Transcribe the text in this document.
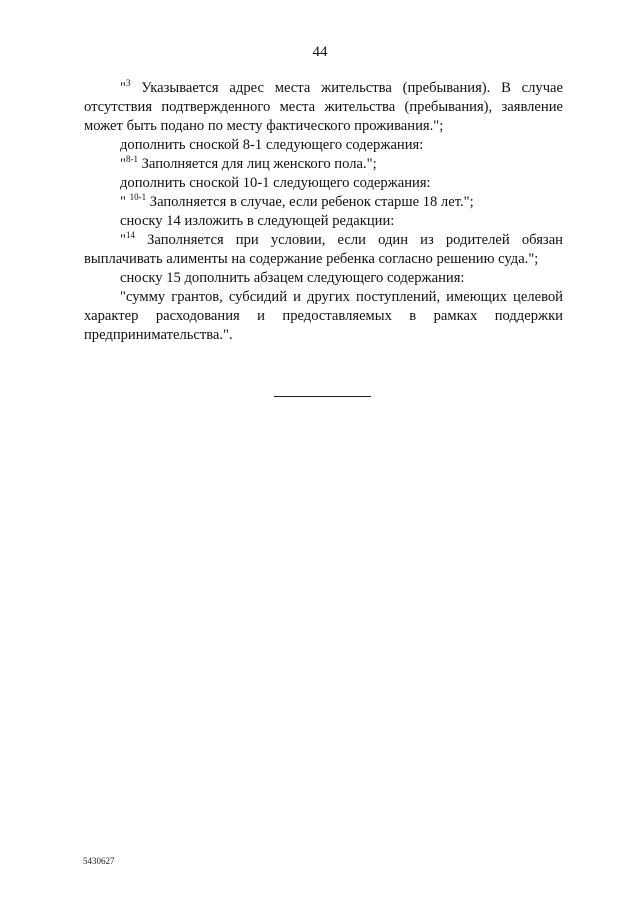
44

"$^3$ Указывается адрес места жительства (пребывания). В случае отсутствия подтвержденного места жительства (пребывания), заявление может быть подано по месту фактического проживания.";

дополнить сноской 8-1 следующего содержания:

"$^{8-1}$ Заполняется для лиц женского пола.";

дополнить сноской 10-1 следующего содержания:

" $^{10-1}$ Заполняется в случае, если ребенок старше 18 лет.";

сноску 14 изложить в следующей редакции:

"$^{14}$ Заполняется при условии, если один из родителей обязан выплачивать алименты на содержание ребенка согласно решению суда.";

сноску 15 дополнить абзацем следующего содержания:

"сумму грантов, субсидий и других поступлений, имеющих целевой характер расходования и предоставляемых в рамках поддержки предпринимательства.".

5430627
